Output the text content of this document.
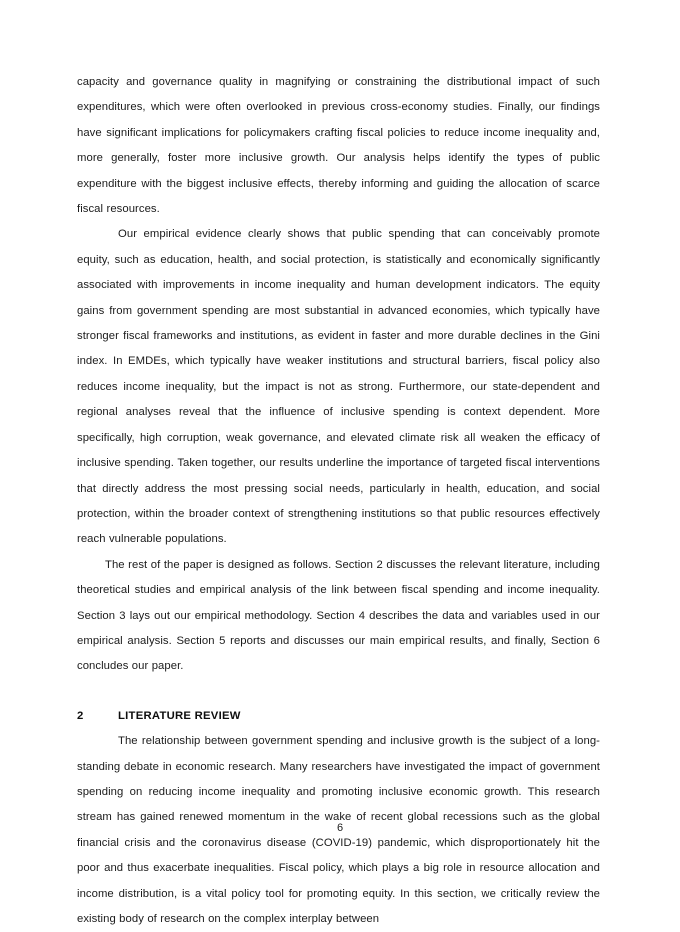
capacity and governance quality in magnifying or constraining the distributional impact of such expenditures, which were often overlooked in previous cross-economy studies. Finally, our findings have significant implications for policymakers crafting fiscal policies to reduce income inequality and, more generally, foster more inclusive growth. Our analysis helps identify the types of public expenditure with the biggest inclusive effects, thereby informing and guiding the allocation of scarce fiscal resources.

Our empirical evidence clearly shows that public spending that can conceivably promote equity, such as education, health, and social protection, is statistically and economically significantly associated with improvements in income inequality and human development indicators. The equity gains from government spending are most substantial in advanced economies, which typically have stronger fiscal frameworks and institutions, as evident in faster and more durable declines in the Gini index. In EMDEs, which typically have weaker institutions and structural barriers, fiscal policy also reduces income inequality, but the impact is not as strong. Furthermore, our state-dependent and regional analyses reveal that the influence of inclusive spending is context dependent. More specifically, high corruption, weak governance, and elevated climate risk all weaken the efficacy of inclusive spending. Taken together, our results underline the importance of targeted fiscal interventions that directly address the most pressing social needs, particularly in health, education, and social protection, within the broader context of strengthening institutions so that public resources effectively reach vulnerable populations.

The rest of the paper is designed as follows. Section 2 discusses the relevant literature, including theoretical studies and empirical analysis of the link between fiscal spending and income inequality. Section 3 lays out our empirical methodology. Section 4 describes the data and variables used in our empirical analysis. Section 5 reports and discusses our main empirical results, and finally, Section 6 concludes our paper.

2	LITERATURE REVIEW

The relationship between government spending and inclusive growth is the subject of a long-standing debate in economic research. Many researchers have investigated the impact of government spending on reducing income inequality and promoting inclusive economic growth. This research stream has gained renewed momentum in the wake of recent global recessions such as the global financial crisis and the coronavirus disease (COVID-19) pandemic, which disproportionately hit the poor and thus exacerbate inequalities. Fiscal policy, which plays a big role in resource allocation and income distribution, is a vital policy tool for promoting equity. In this section, we critically review the existing body of research on the complex interplay between

6
